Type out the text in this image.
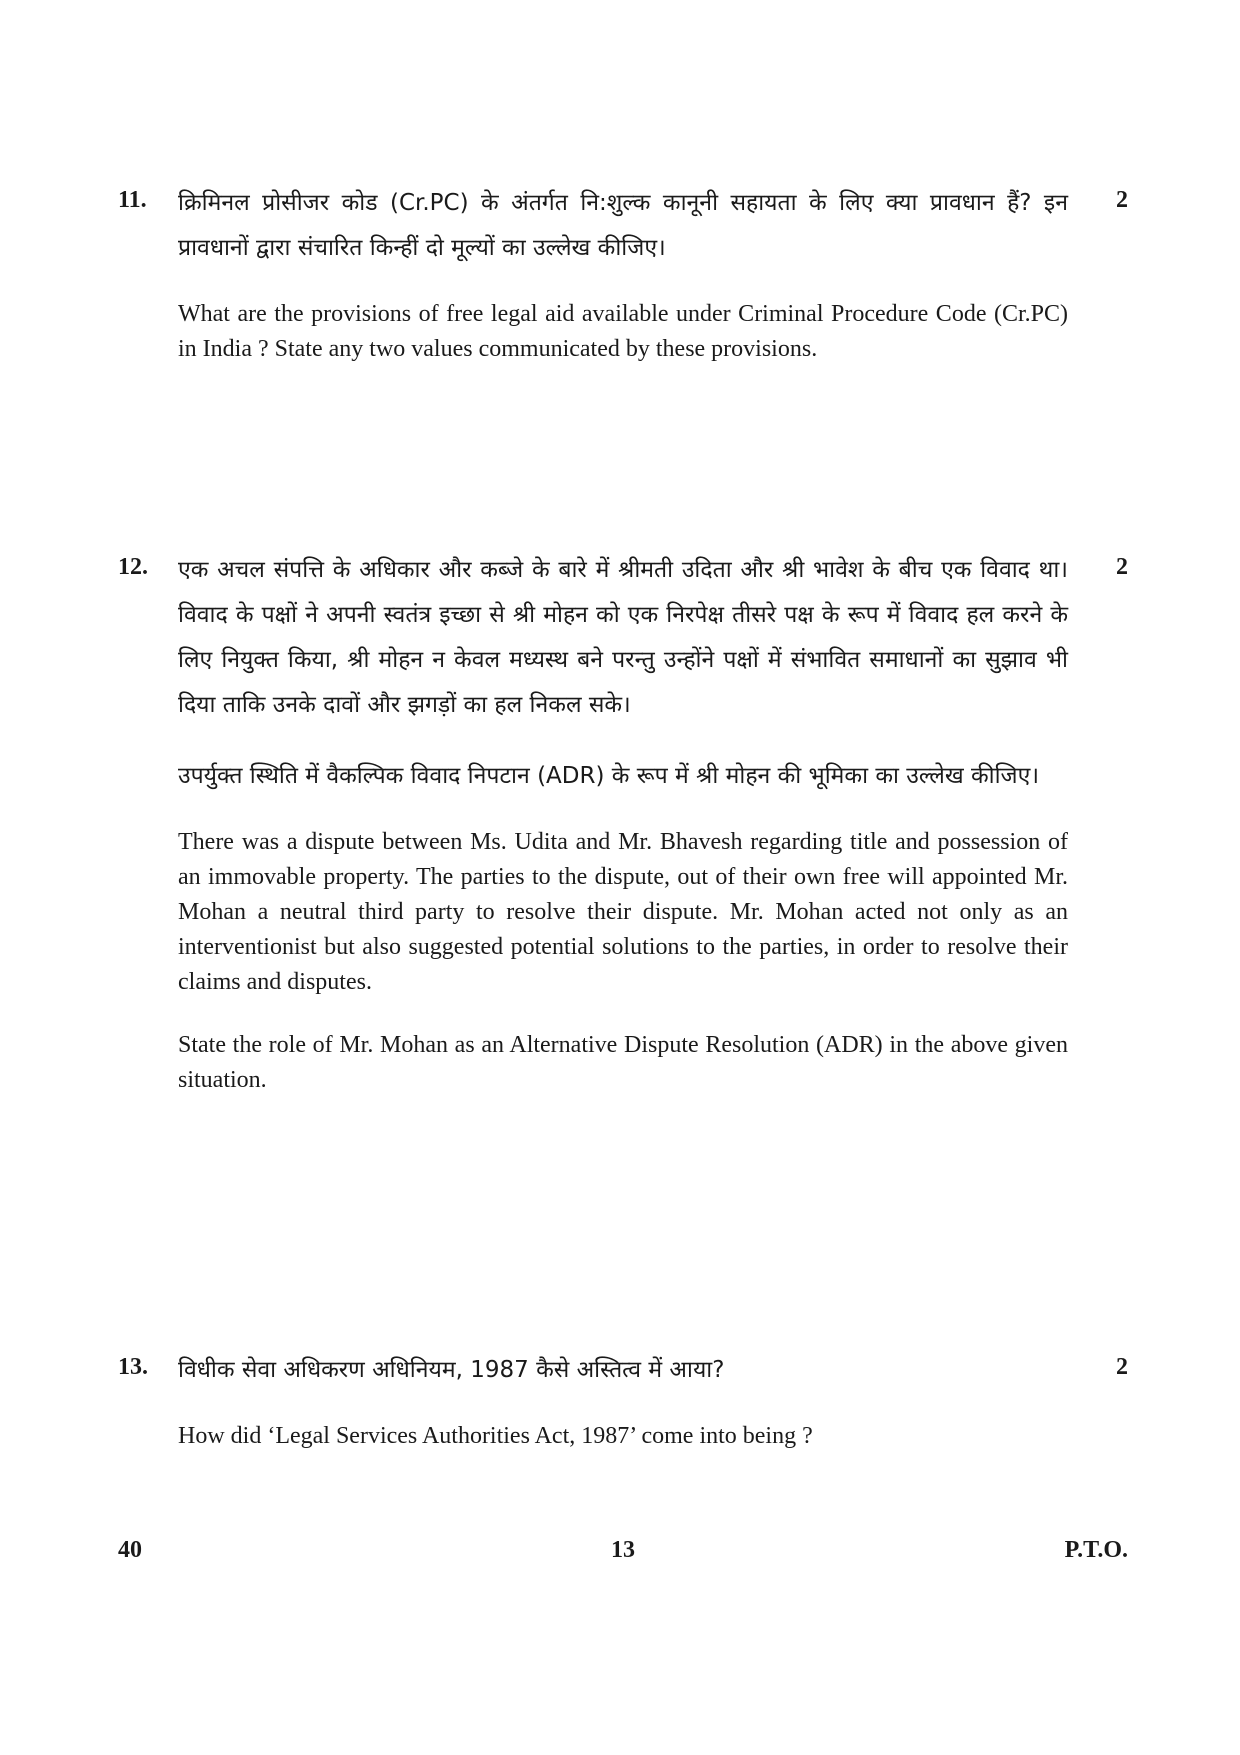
11.	2

क्रिमिनल प्रोसीजर कोड (Cr.PC) के अंतर्गत नि:शुल्क कानूनी सहायता के लिए क्या प्रावधान हैं? इन प्रावधानों द्वारा संचारित किन्हीं दो मूल्यों का उल्लेख कीजिए।

What are the provisions of free legal aid available under Criminal Procedure Code (Cr.PC) in India ? State any two values communicated by these provisions.

12.	2

एक अचल संपत्ति के अधिकार और कब्जे के बारे में श्रीमती उदिता और श्री भावेश के बीच एक विवाद था। विवाद के पक्षों ने अपनी स्वतंत्र इच्छा से श्री मोहन को एक निरपेक्ष तीसरे पक्ष के रूप में विवाद हल करने के लिए नियुक्त किया, श्री मोहन न केवल मध्यस्थ बने परन्तु उन्होंने पक्षों में संभावित समाधानों का सुझाव भी दिया ताकि उनके दावों और झगड़ों का हल निकल सके।

उपर्युक्त स्थिति में वैकल्पिक विवाद निपटान (ADR) के रूप में श्री मोहन की भूमिका का उल्लेख कीजिए।

There was a dispute between Ms. Udita and Mr. Bhavesh regarding title and possession of an immovable property. The parties to the dispute, out of their own free will appointed Mr. Mohan a neutral third party to resolve their dispute. Mr. Mohan acted not only as an interventionist but also suggested potential solutions to the parties, in order to resolve their claims and disputes.

State the role of Mr. Mohan as an Alternative Dispute Resolution (ADR) in the above given situation.

13.	2

विधीक सेवा अधिकरण अधिनियम, 1987 कैसे अस्तित्व में आया?

How did ‘Legal Services Authorities Act, 1987’ come into being ?

40	13	P.T.O.
